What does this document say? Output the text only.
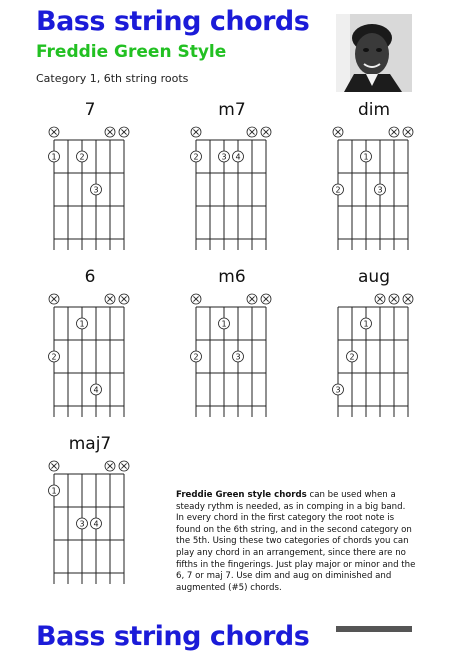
Bass string chords
Freddie Green Style
Category 1, 6th string roots
7
1	2
3
m7
2	3 4
dim
1
2	3
6
1
2
4
m6
1
2	3
aug
1
2
3
maj7
1
3 4
Freddie Green style chords can be used when a steady rythm is needed, as in comping in a big band. In every chord in the first category the root note is found on the 6th string, and in the second category on the 5th. Using these two categories of chords you can play any chord in an arrangement, since there are no fifths in the fingerings. Just play major or minor and the 6, 7 or maj 7. Use dim and aug on diminished and augmented (#5) chords.
Bass string chords
